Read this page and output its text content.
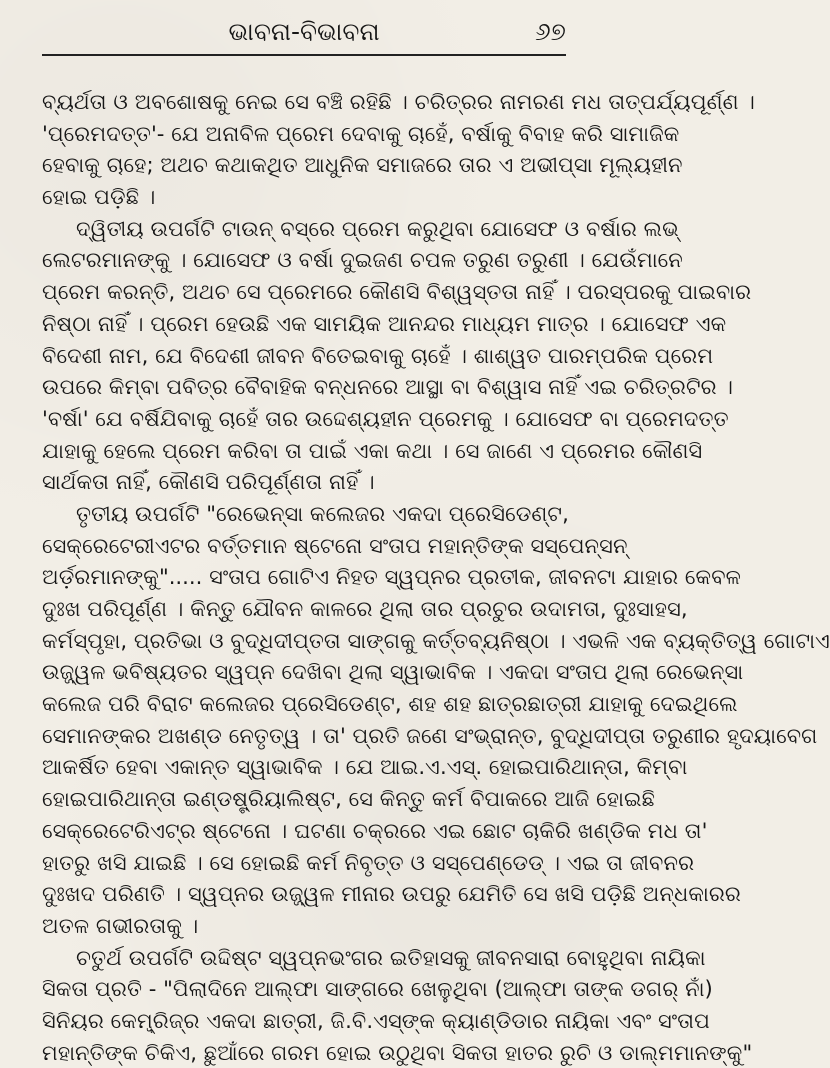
ଭାବନା-ବିଭାବନା	୬୭
ବ୍ୟର୍ଥତା ଓ ଅବଶୋଷକୁ ନେଇ ସେ ବଞ୍ଚି ରହିଛି । ଚରିତ୍ରର ନାମରଣ ମଧ ତାତ୍ପର୍ଯ୍ୟପୂର୍ଣ୍ଣ ।
'ପ୍ରେମଦତ୍ତ'- ଯେ ଅନାବିଳ ପ୍ରେମ ଦେବାକୁ ଚାହେଁ, ବର୍ଷାକୁ ବିବାହ କରି ସାମାଜିକ
ହେବାକୁ ଚାହେ; ଅଥଚ କଥାକଥିତ ଆଧୁନିକ ସମାଜରେ ତାର ଏ ଅଭୀପ୍ସା ମୂଲ୍ୟହୀନ
ହୋଇ ପଡ଼ିଛି ।
ଦ୍ୱିତୀୟ ଉପର୍ଗଟି ଟାଉନ୍ ବସ୍‌ରେ ପ୍ରେମ କରୁଥିବା ଯୋସେଫ ଓ ବର୍ଷାର ଲଭ୍
ଲେଟରମାନଙ୍କୁ । ଯୋସେଫ ଓ ବର୍ଷା ଦୁଇଜଣ ଚପଳ ତରୁଣ ତରୁଣୀ । ଯେଉଁମାନେ
ପ୍ରେମ କରନ୍ତି, ଅଥଚ ସେ ପ୍ରେମରେ କୌଣସି ବିଶ୍ୱସ୍ତତା ନାହିଁ । ପରସ୍ପରକୁ ପାଇବାର
ନିଷ୍ଠା ନାହିଁ । ପ୍ରେମ ହେଉଛି ଏକ ସାମୟିକ ଆନନ୍ଦର ମାଧ୍ୟମ ମାତ୍ର । ଯୋସେଫ ଏକ
ବିଦେଶୀ ନାମ, ଯେ ବିଦେଶୀ ଜୀବନ ବିତେଇବାକୁ ଚାହେଁ । ଶାଶ୍ୱତ ପାରମ୍ପରିକ ପ୍ରେମ
ଉପରେ କିମ୍ବା ପବିତ୍ର ବୈବାହିକ ବନ୍ଧନରେ ଆସ୍ଥା ବା ବିଶ୍ୱାସ ନାହିଁ ଏଇ ଚରିତ୍ରଟିର ।
'ବର୍ଷା' ଯେ ବର୍ଷିଯିବାକୁ ଚାହେଁ ତାର ଉଦ୍ଦେଶ୍ୟହୀନ ପ୍ରେମକୁ । ଯୋସେଫ ବା ପ୍ରେମଦତ୍ତ
ଯାହାକୁ ହେଲେ ପ୍ରେମ କରିବା ତା ପାଇଁ ଏକା କଥା । ସେ ଜାଣେ ଏ ପ୍ରେମର କୌଣସି
ସାର୍ଥକତା ନାହିଁ, କୌଣସି ପରିପୂର୍ଣ୍ଣତା ନାହିଁ ।
ତୃତୀୟ ଉପର୍ଗଟି "ରେଭେନ୍‌ସା କଲେଜର ଏକଦା ପ୍ରେସିଡେଣ୍ଟ,
ସେକ୍ରେଟେରୀଏଟର ବର୍ତ୍ତମାନ ଷ୍ଟେନୋ ସଂତାପ ମହାନ୍ତିଙ୍କ ସସ୍‌ପେନ୍‌ସନ୍
ଅର୍ଡ଼ରମାନଙ୍କୁ"..... ସଂତାପ ଗୋଟିଏ ନିହତ ସ୍ୱପ୍ନର ପ୍ରତୀକ, ଜୀବନଟା ଯାହାର କେବଳ
ଦୁଃଖ ପରିପୂର୍ଣ୍ଣ । କିନ୍ତୁ ଯୌବନ କାଳରେ ଥିଲା ତାର ପ୍ରଚୁର ଉଦାମତା, ଦୁଃସାହସ,
କର୍ମସ୍ପୃହା, ପ୍ରତିଭା ଓ ବୁଦ୍ଧିଦୀପ୍ତତା ସାଙ୍ଗକୁ କର୍ତ୍ତବ୍ୟନିଷ୍ଠା । ଏଭଳି ଏକ ବ୍ୟକ୍ତିତ୍ୱ ଗୋଟାଏ
ଉଜ୍ଜ୍ୱଳ ଭବିଷ୍ୟତର ସ୍ୱପ୍ନ ଦେଖିବା ଥିଲା ସ୍ୱାଭାବିକ । ଏକଦା ସଂତାପ ଥିଲା ରେଭେନ୍‌ସା
କଲେଜ ପରି ବିରାଟ କଲେଜର ପ୍ରେସିଡେଣ୍ଟ, ଶହ ଶହ ଛାତ୍ରଛାତ୍ରୀ ଯାହାକୁ ଦେଇଥିଲେ
ସେମାନଙ୍କର ଅଖଣ୍ଡ ନେତୃତ୍ୱ । ତା' ପ୍ରତି ଜଣେ ସଂଭ୍ରାନ୍ତ, ବୁଦ୍ଧିଦୀପ୍ତା ତରୁଣୀର ହୃଦୟାବେଗ
ଆକର୍ଷିତ ହେବା ଏକାନ୍ତ ସ୍ୱାଭାବିକ । ଯେ ଆଇ.ଏ.ଏସ୍. ହୋଇପାରିଥାନ୍ତା, କିମ୍ବା
ହୋଇପାରିଥାନ୍ତା ଇଣ୍ଡଷ୍ଟ୍ରିୟାଲିଷ୍ଟ, ସେ କିନ୍ତୁ କର୍ମ ବିପାକରେ ଆଜି ହୋଇଛି
ସେକ୍ରେଟେରିଏଟ୍‌ର ଷ୍ଟେନୋ । ଘଟଣା ଚକ୍ରରେ ଏଇ ଛୋଟ ଚାକିରି ଖଣ୍ଡିକ ମଧ ତା'
ହାତରୁ ଖସି ଯାଇଛି । ସେ ହୋଇଛି କର୍ମ ନିବୃତ୍ତ ଓ ସସ୍‌ପେଣ୍ଡେଡ୍ । ଏଇ ତା ଜୀବନର
ଦୁଃଖଦ ପରିଣତି । ସ୍ୱପ୍ନର ଉଜ୍ଜ୍ୱଳ ମୀନାର ଉପରୁ ଯେମିତି ସେ ଖସି ପଡ଼ିଛି ଅନ୍ଧକାରର
ଅତଳ ଗଭୀରତାକୁ ।
ଚତୁର୍ଥ ଉପର୍ଗଟି ଉଦ୍ଦିଷ୍ଟ ସ୍ୱପ୍ନଭଂଗର ଇତିହାସକୁ ଜୀବନସାରା ବୋହୁଥିବା ନାୟିକା
ସିକତା ପ୍ରତି - "ପିଲାଦିନେ ଆଲ୍‌ଫା ସାଙ୍ଗରେ ଖେଳୁଥିବା (ଆଲ୍‌ଫା ତାଙ୍କ ଡଗର୍ ନାଁ)
ସିନିୟର କେମ୍ବ୍ରିଜ୍‌ର ଏକଦା ଛାତ୍ରୀ, ଜି.ବି.ଏସ୍‌ଙ୍କ କ୍ୟାଣ୍ଡିଡାର ନାୟିକା ଏବଂ ସଂତାପ
ମହାନ୍ତିଙ୍କ ଚିକିଏ, ଛୁଆଁରେ ଗରମ ହୋଇ ଉଠୁଥିବା ସିକତା ହାତର ରୁଚି ଓ ଡାଲ୍‌ମମାନଙ୍କୁ"
